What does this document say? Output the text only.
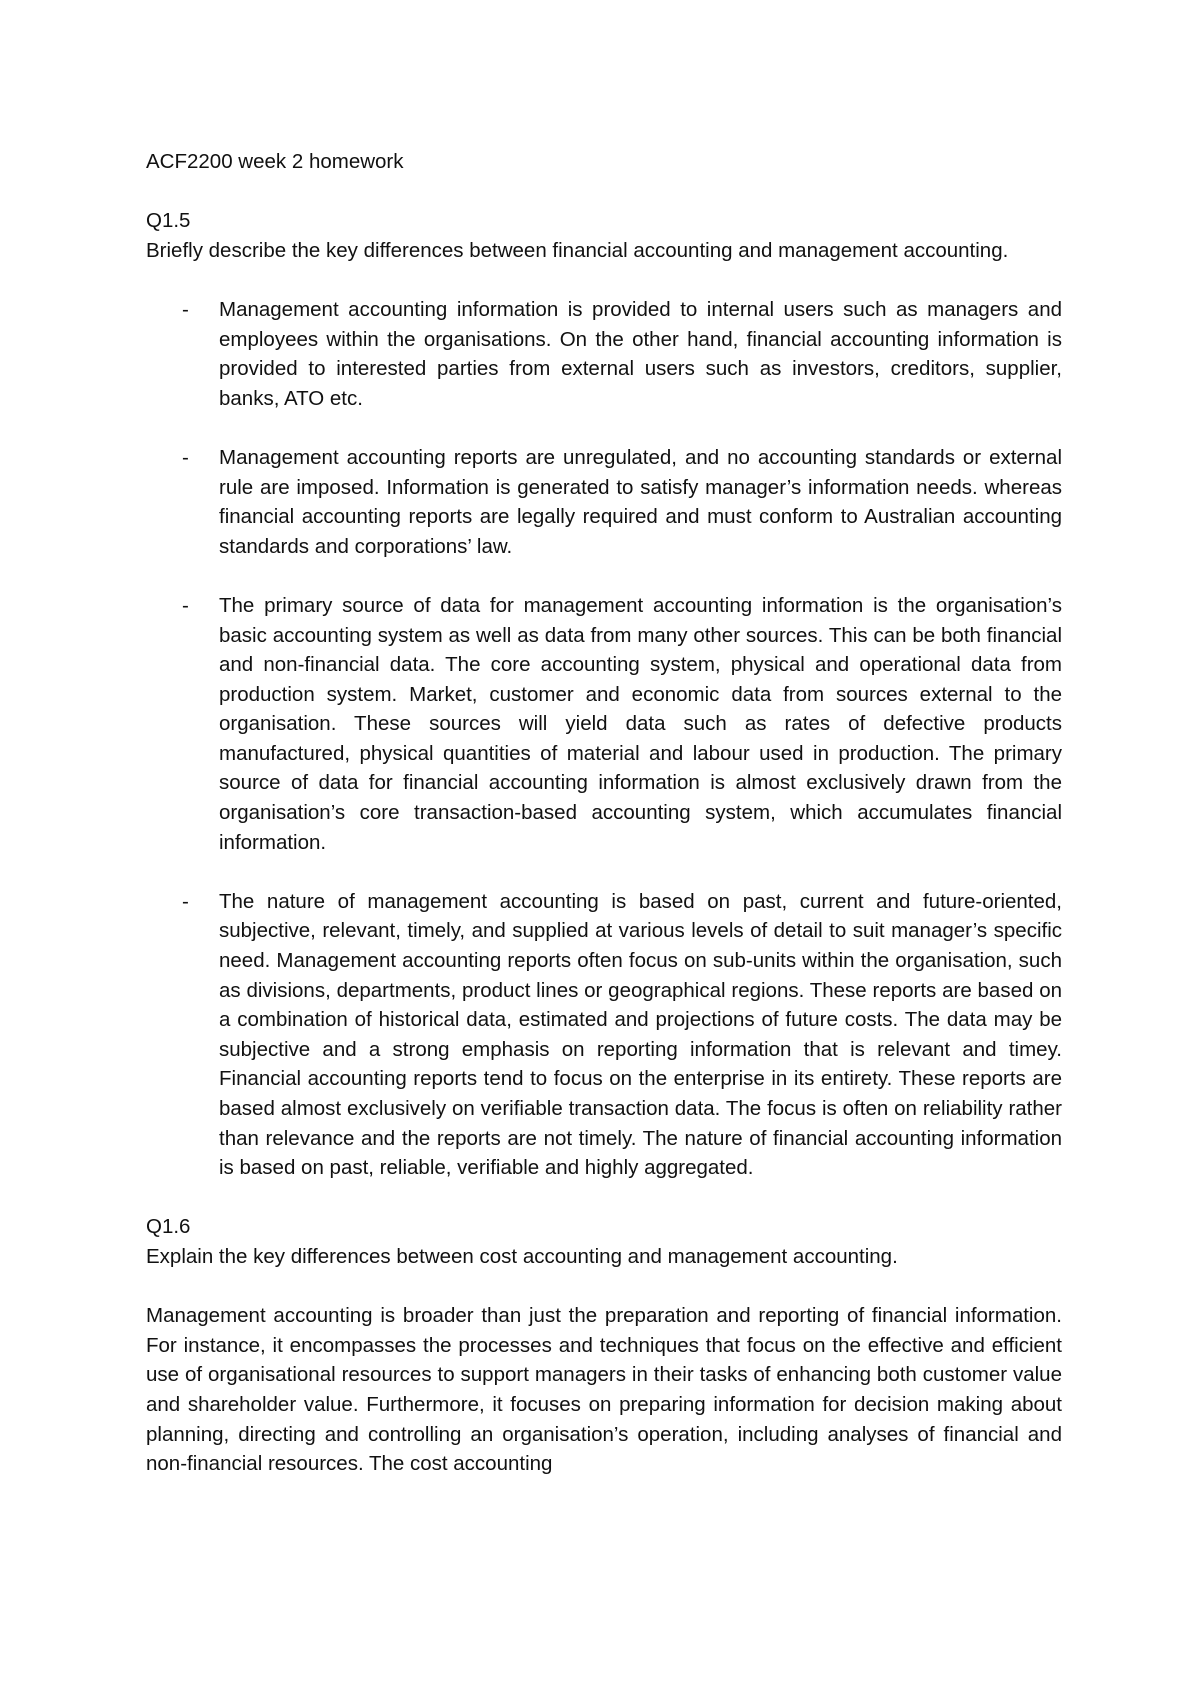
ACF2200 week 2 homework

Q1.5

Briefly describe the key differences between financial accounting and management accounting.

- Management accounting information is provided to internal users such as managers and employees within the organisations. On the other hand, financial accounting information is provided to interested parties from external users such as investors, creditors, supplier, banks, ATO etc.
- Management accounting reports are unregulated, and no accounting standards or external rule are imposed. Information is generated to satisfy manager’s information needs. whereas financial accounting reports are legally required and must conform to Australian accounting standards and corporations’ law.
- The primary source of data for management accounting information is the organisation’s basic accounting system as well as data from many other sources. This can be both financial and non-financial data. The core accounting system, physical and operational data from production system. Market, customer and economic data from sources external to the organisation. These sources will yield data such as rates of defective products manufactured, physical quantities of material and labour used in production. The primary source of data for financial accounting information is almost exclusively drawn from the organisation’s core transaction-based accounting system, which accumulates financial information.
- The nature of management accounting is based on past, current and future-oriented, subjective, relevant, timely, and supplied at various levels of detail to suit manager’s specific need. Management accounting reports often focus on sub-units within the organisation, such as divisions, departments, product lines or geographical regions. These reports are based on a combination of historical data, estimated and projections of future costs. The data may be subjective and a strong emphasis on reporting information that is relevant and timey. Financial accounting reports tend to focus on the enterprise in its entirety. These reports are based almost exclusively on verifiable transaction data. The focus is often on reliability rather than relevance and the reports are not timely. The nature of financial accounting information is based on past, reliable, verifiable and highly aggregated.

Q1.6

Explain the key differences between cost accounting and management accounting.

Management accounting is broader than just the preparation and reporting of financial information. For instance, it encompasses the processes and techniques that focus on the effective and efficient use of organisational resources to support managers in their tasks of enhancing both customer value and shareholder value. Furthermore, it focuses on preparing information for decision making about planning, directing and controlling an organisation’s operation, including analyses of financial and non-financial resources. The cost accounting
